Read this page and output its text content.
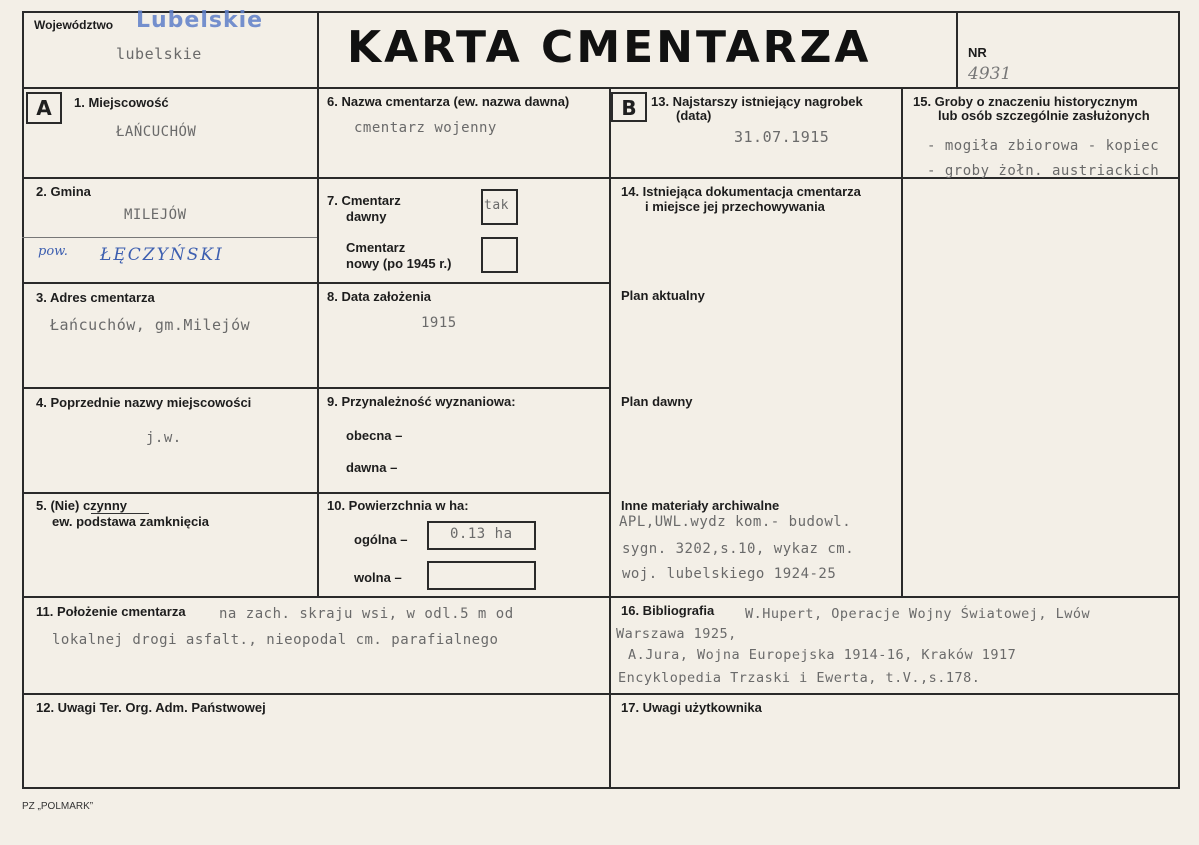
Województwo Lubelskie
lubelskie	KARTA CMENTARZA	NR
4931
A	1. Miejscowość
ŁAŃCUCHÓW
2. Gmina
MILEJÓW
pow. ŁĘCZYŃSKI
3. Adres cmentarza
Łańcuchów, gm.Milejów
4. Poprzednie nazwy miejscowości
j.w.
5. (Nie) czynny
ew. podstawa zamknięcia
6. Nazwa cmentarza (ew. nazwa dawna)
cmentarz wojenny
7. Cmentarz
dawny
tak
Cmentarz
nowy (po 1945 r.)
8. Data założenia
1915
9. Przynależność wyznaniowa:
obecna –
dawna –
10. Powierzchnia w ha:
ogólna –	0.13 ha
wolna –
B	13. Najstarszy istniejący nagrobek
(data)
31.07.1915
14. Istniejąca dokumentacja cmentarza
i miejsce jej przechowywania
Plan aktualny
Plan dawny
Inne materiały archiwalne
APL,UWL.wydz kom.- budowl.
sygn. 3202,s.10, wykaz cm.
woj. lubelskiego 1924-25
15. Groby o znaczeniu historycznym
lub osób szczególnie zasłużonych
- mogiła zbiorowa - kopiec
- groby żołn. austriackich
11. Położenie cmentarza na zach. skraju wsi, w odl.5 m od
lokalnej drogi asfalt., nieopodal cm. parafialnego
16. Bibliografia W.Hupert, Operacje Wojny Światowej, Lwów
Warszawa 1925,
A.Jura, Wojna Europejska 1914-16, Kraków 1917
Encyklopedia Trzaski i Ewerta, t.V.,s.178.
12. Uwagi Ter. Org. Adm. Państwowej	17. Uwagi użytkownika
PZ „POLMARK”
